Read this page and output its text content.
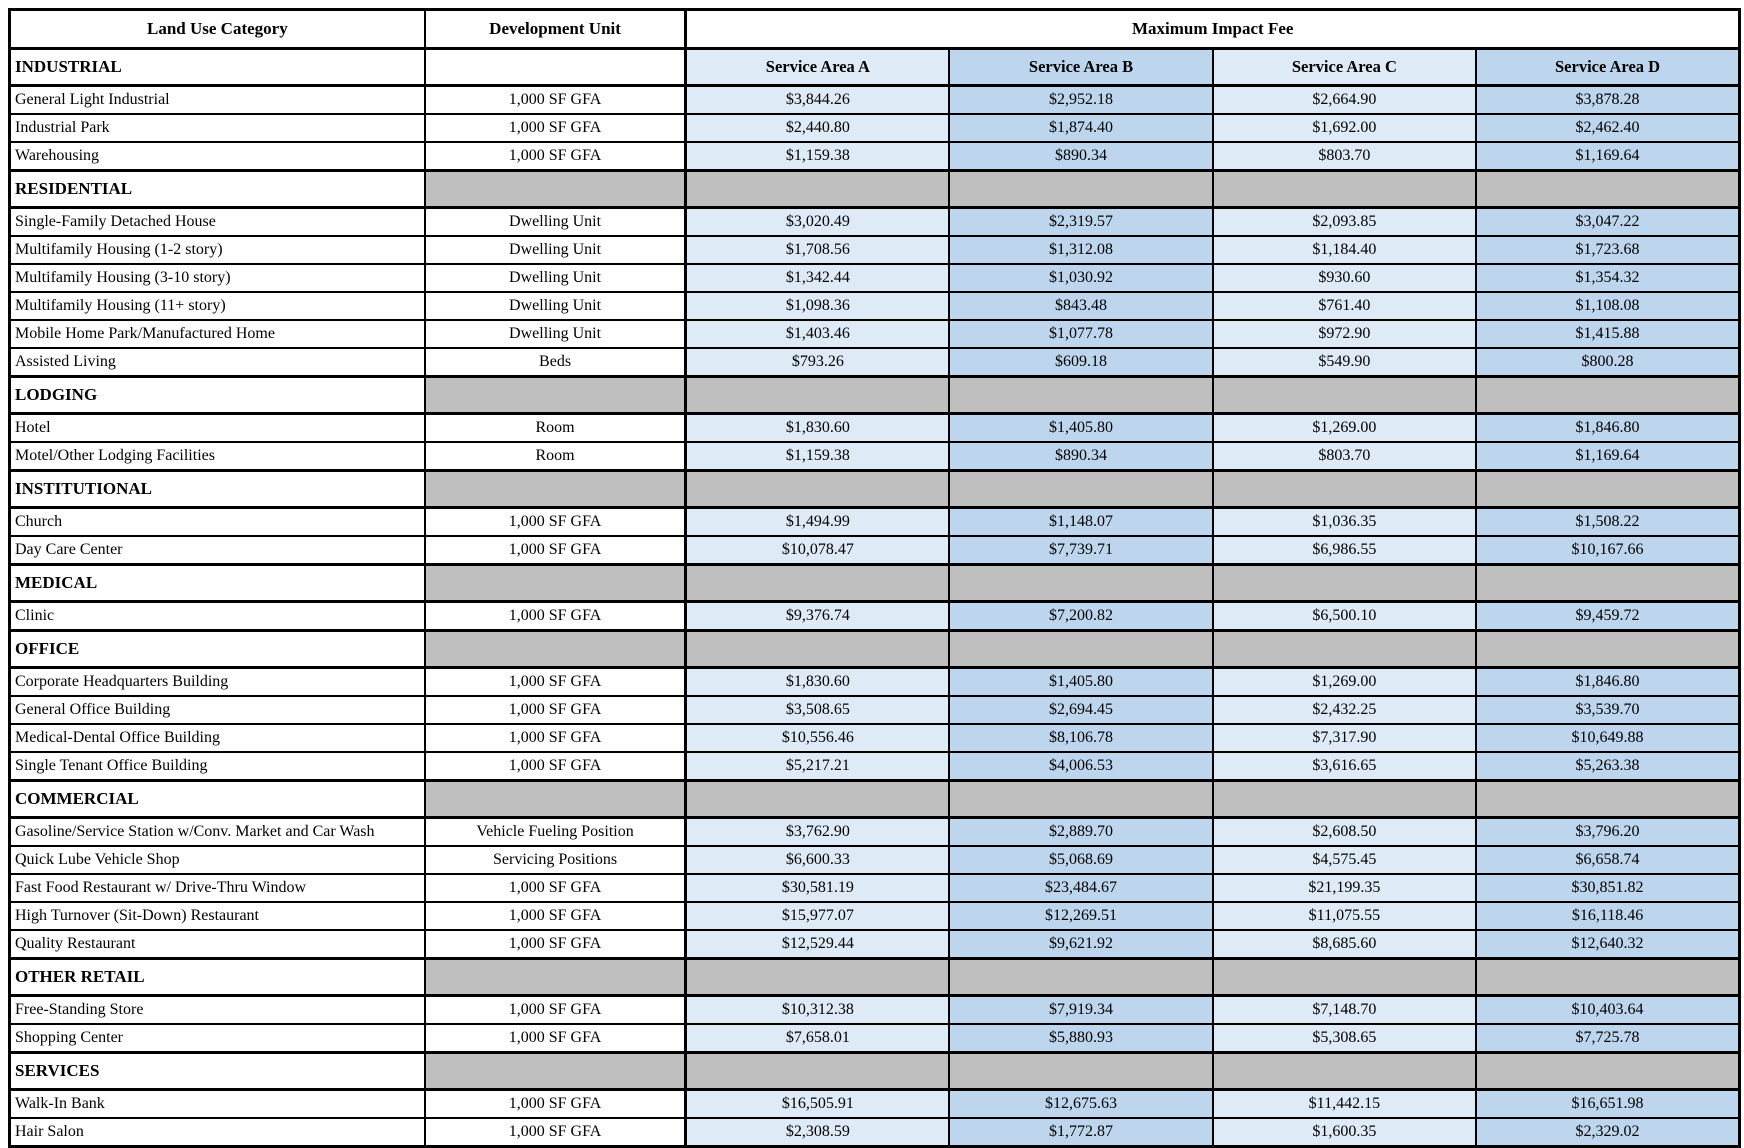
Land Use Category	Development Unit	Maximum Impact Fee			
INDUSTRIAL		Service Area A	Service Area B	Service Area C	Service Area D
General Light Industrial	1,000 SF GFA	$3,844.26	$2,952.18	$2,664.90	$3,878.28
Industrial Park	1,000 SF GFA	$2,440.80	$1,874.40	$1,692.00	$2,462.40
Warehousing	1,000 SF GFA	$1,159.38	$890.34	$803.70	$1,169.64
RESIDENTIAL					
Single-Family Detached House	Dwelling Unit	$3,020.49	$2,319.57	$2,093.85	$3,047.22
Multifamily Housing (1-2 story)	Dwelling Unit	$1,708.56	$1,312.08	$1,184.40	$1,723.68
Multifamily Housing (3-10 story)	Dwelling Unit	$1,342.44	$1,030.92	$930.60	$1,354.32
Multifamily Housing (11+ story)	Dwelling Unit	$1,098.36	$843.48	$761.40	$1,108.08
Mobile Home Park/Manufactured Home	Dwelling Unit	$1,403.46	$1,077.78	$972.90	$1,415.88
Assisted Living	Beds	$793.26	$609.18	$549.90	$800.28
LODGING					
Hotel	Room	$1,830.60	$1,405.80	$1,269.00	$1,846.80
Motel/Other Lodging Facilities	Room	$1,159.38	$890.34	$803.70	$1,169.64
INSTITUTIONAL					
Church	1,000 SF GFA	$1,494.99	$1,148.07	$1,036.35	$1,508.22
Day Care Center	1,000 SF GFA	$10,078.47	$7,739.71	$6,986.55	$10,167.66
MEDICAL					
Clinic	1,000 SF GFA	$9,376.74	$7,200.82	$6,500.10	$9,459.72
OFFICE					
Corporate Headquarters Building	1,000 SF GFA	$1,830.60	$1,405.80	$1,269.00	$1,846.80
General Office Building	1,000 SF GFA	$3,508.65	$2,694.45	$2,432.25	$3,539.70
Medical-Dental Office Building	1,000 SF GFA	$10,556.46	$8,106.78	$7,317.90	$10,649.88
Single Tenant Office Building	1,000 SF GFA	$5,217.21	$4,006.53	$3,616.65	$5,263.38
COMMERCIAL					
Gasoline/Service Station w/Conv. Market and Car Wash	Vehicle Fueling Position	$3,762.90	$2,889.70	$2,608.50	$3,796.20
Quick Lube Vehicle Shop	Servicing Positions	$6,600.33	$5,068.69	$4,575.45	$6,658.74
Fast Food Restaurant w/ Drive-Thru Window	1,000 SF GFA	$30,581.19	$23,484.67	$21,199.35	$30,851.82
High Turnover (Sit-Down) Restaurant	1,000 SF GFA	$15,977.07	$12,269.51	$11,075.55	$16,118.46
Quality Restaurant	1,000 SF GFA	$12,529.44	$9,621.92	$8,685.60	$12,640.32
OTHER RETAIL					
Free-Standing Store	1,000 SF GFA	$10,312.38	$7,919.34	$7,148.70	$10,403.64
Shopping Center	1,000 SF GFA	$7,658.01	$5,880.93	$5,308.65	$7,725.78
SERVICES					
Walk-In Bank	1,000 SF GFA	$16,505.91	$12,675.63	$11,442.15	$16,651.98
Hair Salon	1,000 SF GFA	$2,308.59	$1,772.87	$1,600.35	$2,329.02
